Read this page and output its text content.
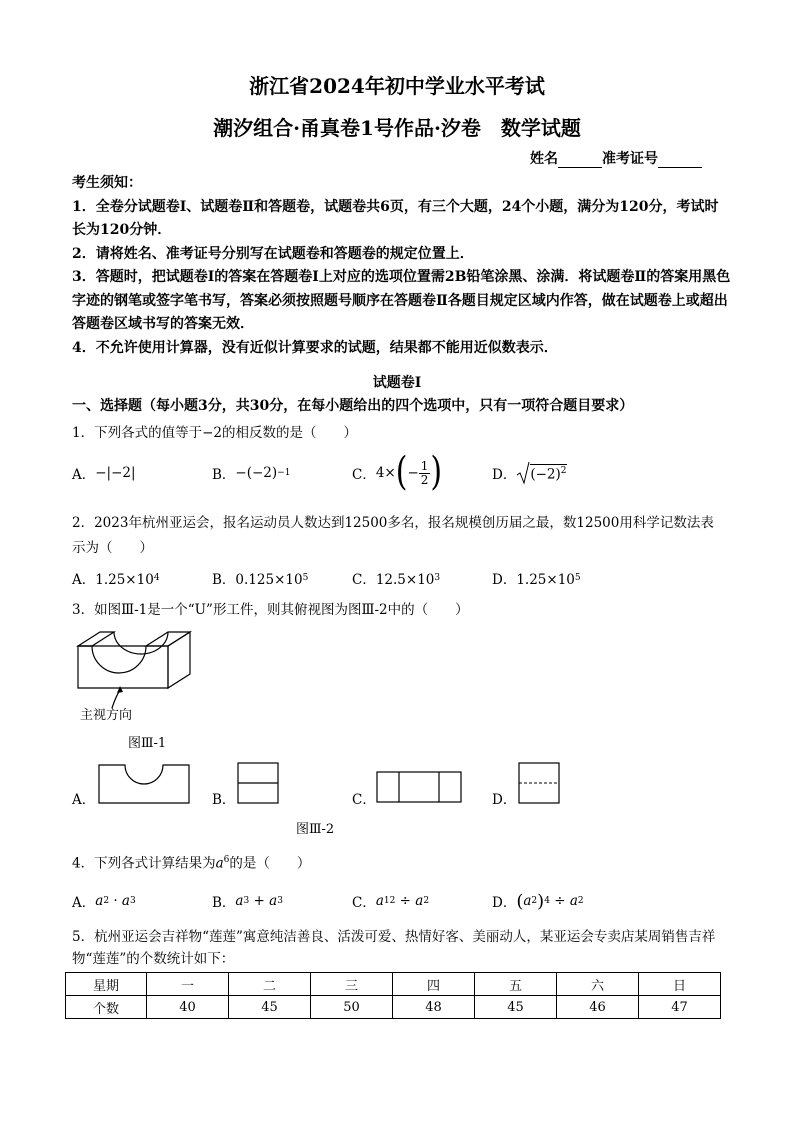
浙江省2024年初中学业水平考试
潮汐组合·甬真卷1号作品·汐卷　数学试题
姓名	准考证号

考生须知：

1．全卷分试题卷Ⅰ、试题卷Ⅱ和答题卷，试题卷共6页，有三个大题，24个小题，满分为120分，考试时长为120分钟．

2．请将姓名、准考证号分别写在试题卷和答题卷的规定位置上．

3．答题时，把试题卷Ⅰ的答案在答题卷Ⅰ上对应的选项位置需2B铅笔涂黑、涂满．将试题卷Ⅱ的答案用黑色字迹的钢笔或签字笔书写，答案必须按照题号顺序在答题卷Ⅱ各题目规定区域内作答，做在试题卷上或超出答题卷区域书写的答案无效．

4．不允许使用计算器，没有近似计算要求的试题，结果都不能用近似数表示．

试题卷Ⅰ
一、选择题（每小题3分，共30分，在每小题给出的四个选项中，只有一项符合题目要求）
1．下列各式的值等于−2的相反数的是（　　）
A． −|−2|	B． −(−2) −1	C． 4× ( − $\frac{1}{2}$ )	D． $(-2)^2$
2．2023年杭州亚运会，报名运动员人数达到12500多名，报名规模创历届之最，数12500用科学记数法表示为（　　）
A．1.25×10 4	B．0.125×10 5	C．12.5×10 3	D．1.25×10 5
3．如图Ⅲ-1是一个“U”形工件，则其俯视图为图Ⅲ-2中的（　　）
主视方向
图Ⅲ-1
A．	B．	C．	D．
图Ⅲ-2
4．下列各式计算结果为$a^6$的是（　　）
A． a 2 · a 3	B． a 3 + a 3	C． a 12 ÷ a 2	D． ( a 2 ) 4 ÷ a 2
5．杭州亚运会吉祥物“莲莲”寓意纯洁善良、活泼可爱、热情好客、美丽动人，某亚运会专卖店某周销售吉祥物“莲莲”的个数统计如下：
星期	一	二	三	四	五	六	日
个数	40	45	50	48	45	46	47
